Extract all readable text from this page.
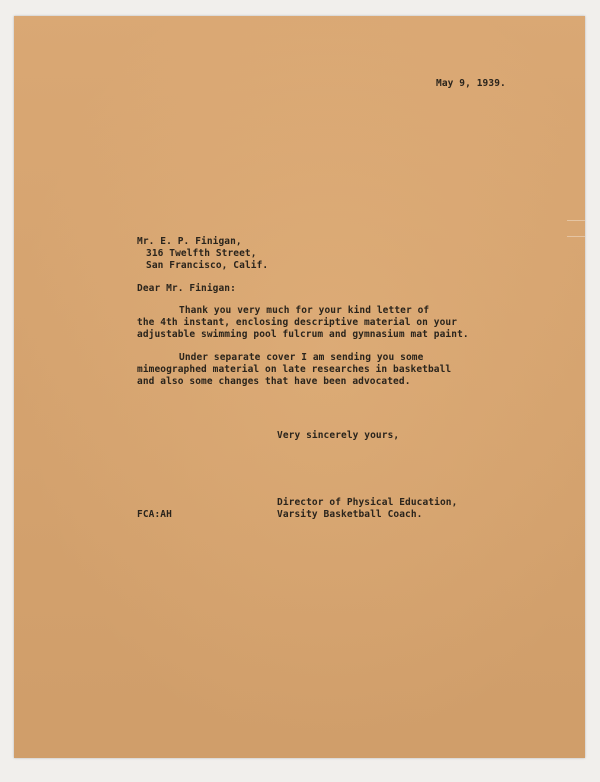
May 9, 1939.
Mr. E. P. Finigan,
316 Twelfth Street,
San Francisco, Calif.
Dear Mr. Finigan:
Thank you very much for your kind letter of
the 4th instant, enclosing descriptive material on your
adjustable swimming pool fulcrum and gymnasium mat paint.
Under separate cover I am sending you some
mimeographed material on late researches in basketball
and also some changes that have been advocated.
Very sincerely yours,
Director of Physical Education,
FCA:AH	Varsity Basketball Coach.
